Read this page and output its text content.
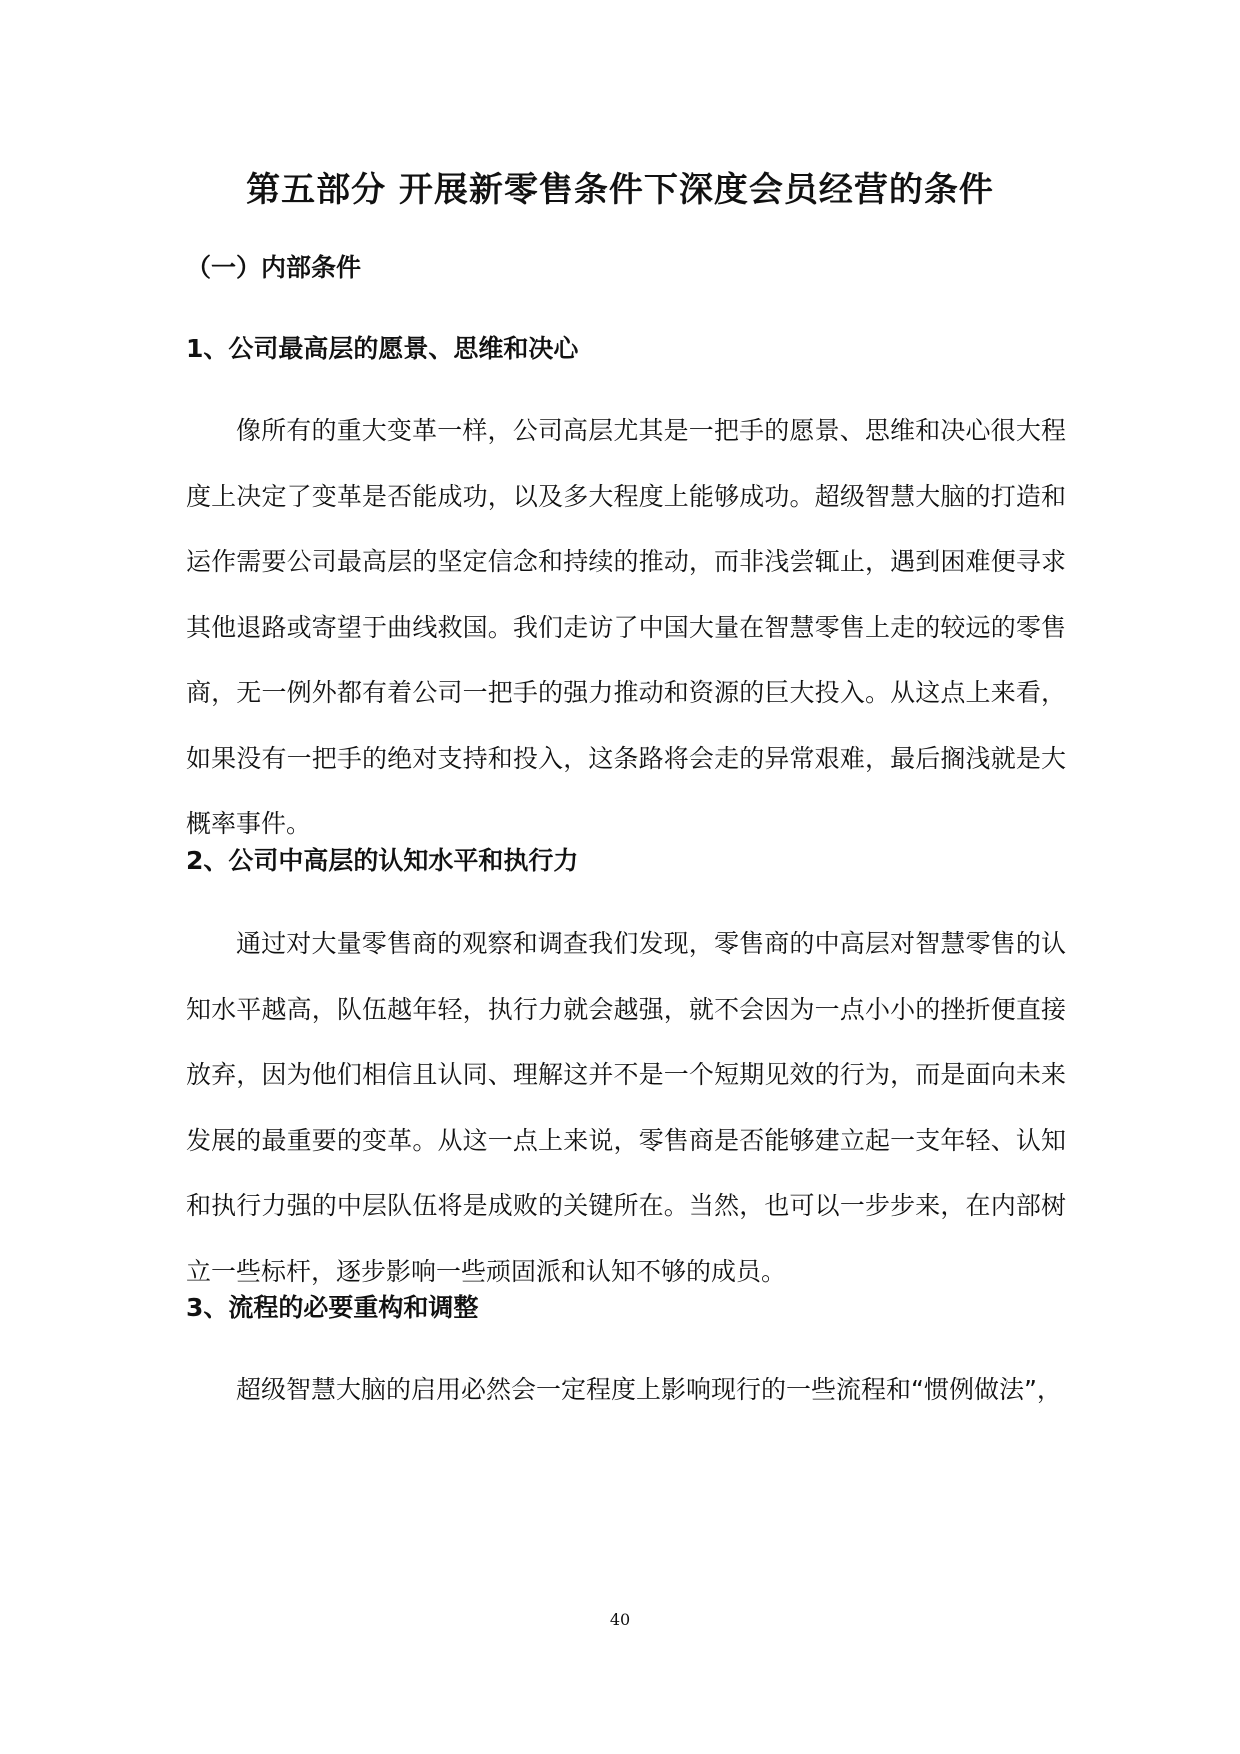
第五部分 开展新零售条件下深度会员经营的条件
（一）内部条件
1、公司最高层的愿景、思维和决心

像所有的重大变革一样，公司高层尤其是一把手的愿景、思维和决心很大程度上决定了变革是否能成功，以及多大程度上能够成功。超级智慧大脑的打造和运作需要公司最高层的坚定信念和持续的推动，而非浅尝辄止，遇到困难便寻求其他退路或寄望于曲线救国。我们走访了中国大量在智慧零售上走的较远的零售商，无一例外都有着公司一把手的强力推动和资源的巨大投入。从这点上来看，如果没有一把手的绝对支持和投入，这条路将会走的异常艰难，最后搁浅就是大概率事件。

2、公司中高层的认知水平和执行力

通过对大量零售商的观察和调查我们发现，零售商的中高层对智慧零售的认知水平越高，队伍越年轻，执行力就会越强，就不会因为一点小小的挫折便直接放弃，因为他们相信且认同、理解这并不是一个短期见效的行为，而是面向未来发展的最重要的变革。从这一点上来说，零售商是否能够建立起一支年轻、认知和执行力强的中层队伍将是成败的关键所在。当然，也可以一步步来，在内部树立一些标杆，逐步影响一些顽固派和认知不够的成员。

3、流程的必要重构和调整

超级智慧大脑的启用必然会一定程度上影响现行的一些流程和“惯例做法”，

40
